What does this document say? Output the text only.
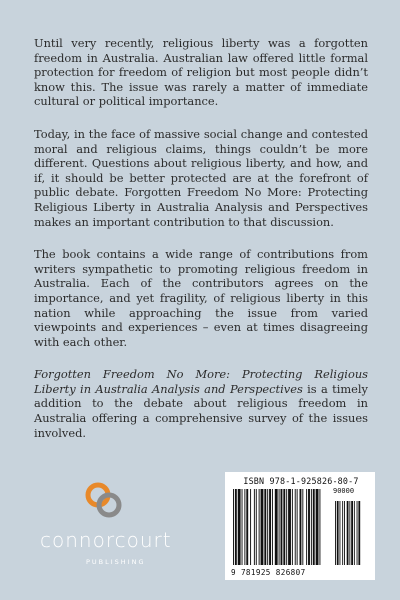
Until very recently, religious liberty was a forgotten freedom in Australia. Australian law offered little formal protection for freedom of religion but most people didn’t know this. The issue was rarely a matter of immediate cultural or political importance.

Today, in the face of massive social change and contested moral and religious claims, things couldn’t be more different. Questions about religious liberty, and how, and if, it should be better protected are at the forefront of public debate. Forgotten Freedom No More: Protecting Religious Liberty in Australia Analysis and Perspectives makes an important contribution to that discussion.

The book contains a wide range of contributions from writers sympathetic to promoting religious freedom in Australia. Each of the contributors agrees on the importance, and yet fragility, of religious liberty in this nation while approaching the issue from varied viewpoints and experiences – even at times disagreeing with each other.

Forgotten Freedom No More: Protecting Religious Liberty in Australia Analysis and Perspectives is a timely addition to the debate about religious freedom in Australia offering a comprehensive survey of the issues involved.

connorcourt
PUBLISHING
ISBN 978-1-925826-80-7
90000
9 781925 826807
